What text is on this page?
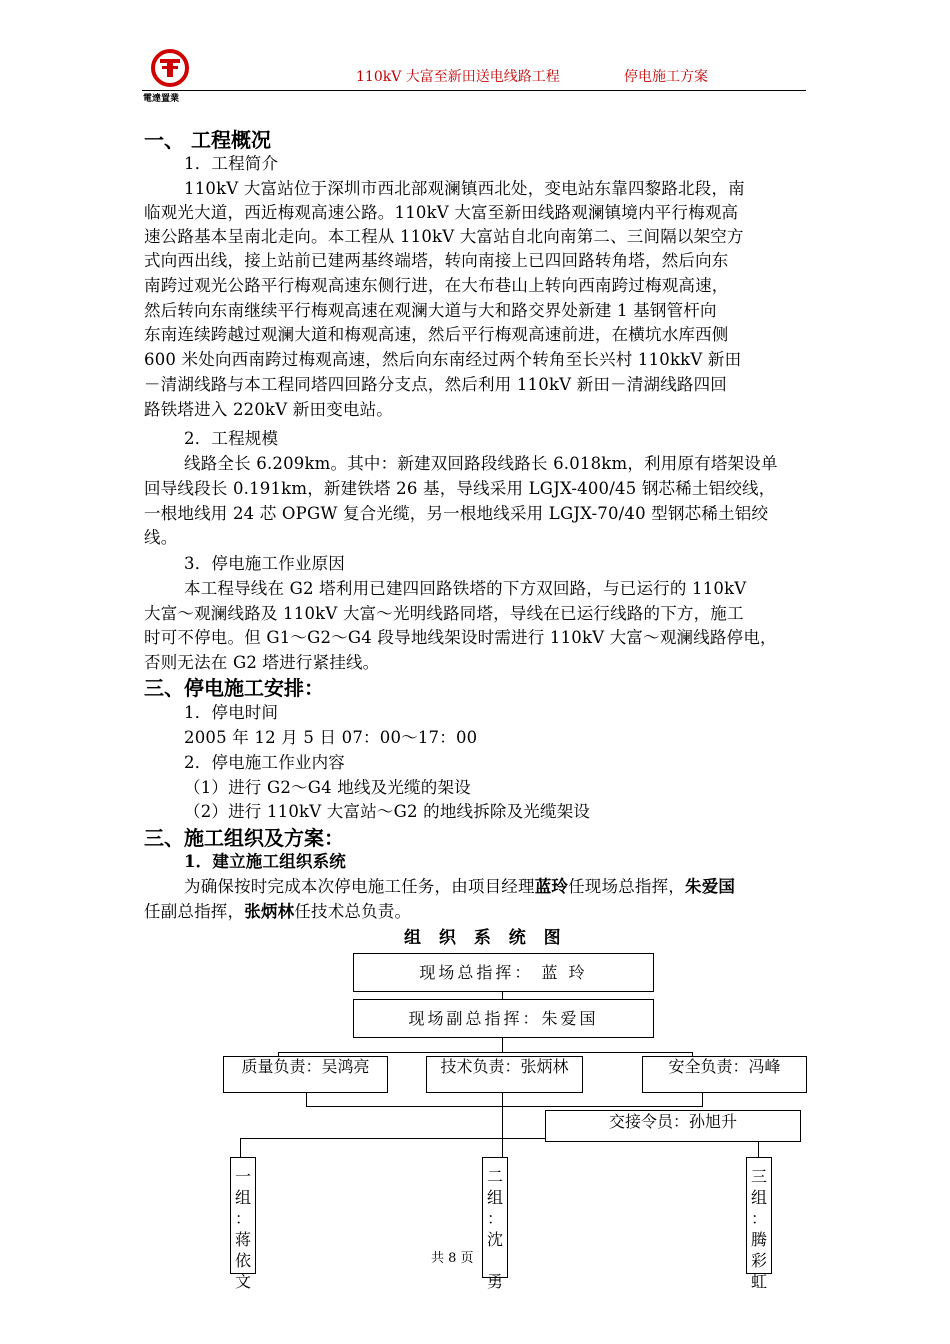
電達置業
110kV 大富至新田送电线路工程	停电施工方案
一、 工程概况
1．工程简介
110kV 大富站位于深圳市西北部观澜镇西北处，变电站东靠四黎路北段，南
临观光大道，西近梅观高速公路。110kV 大富至新田线路观澜镇境内平行梅观高
速公路基本呈南北走向。本工程从 110kV 大富站自北向南第二、三间隔以架空方
式向西出线，接上站前已建两基终端塔，转向南接上已四回路转角塔，然后向东
南跨过观光公路平行梅观高速东侧行进，在大布巷山上转向西南跨过梅观高速，
然后转向东南继续平行梅观高速在观澜大道与大和路交界处新建 1 基钢管杆向
东南连续跨越过观澜大道和梅观高速，然后平行梅观高速前进，在横坑水库西侧
600 米处向西南跨过梅观高速，然后向东南经过两个转角至长兴村 110kkV 新田
－清湖线路与本工程同塔四回路分支点，然后利用 110kV 新田－清湖线路四回
路铁塔进入 220kV 新田变电站。
2．工程规模
线路全长 6.209km。其中：新建双回路段线路长 6.018km，利用原有塔架设单
回导线段长 0.191km，新建铁塔 26 基，导线采用 LGJX-400/45 钢芯稀土铝绞线，
一根地线用 24 芯 OPGW 复合光缆，另一根地线采用 LGJX-70/40 型钢芯稀土铝绞
线。
3．停电施工作业原因
本工程导线在 G2 塔利用已建四回路铁塔的下方双回路，与已运行的 110kV
大富～观澜线路及 110kV 大富～光明线路同塔，导线在已运行线路的下方，施工
时可不停电。但 G1～G2～G4 段导地线架设时需进行 110kV 大富～观澜线路停电，
否则无法在 G2 塔进行紧挂线。
三、停电施工安排：
1．停电时间
2005 年 12 月 5 日 07：00～17：00
2．停电施工作业内容
（1）进行 G2～G4 地线及光缆的架设
（2）进行 110kV 大富站～G2 的地线拆除及光缆架设
三、施工组织及方案：
1．建立施工组织系统
为确保按时完成本次停电施工任务，由项目经理蓝玲任现场总指挥，朱爱国
任副总指挥，张炳林任技术总负责。
组 织 系 统 图
现场总指挥： 蓝 玲
现场副总指挥：朱爱国
质量负责：吴鸿亮	技术负责：张炳林	安全负责：冯峰
交接令员：孙旭升
一
组
：
蒋
依
文
二
组
：
沈

勇
三
组
：
腾
彩
虹
共 8 页
